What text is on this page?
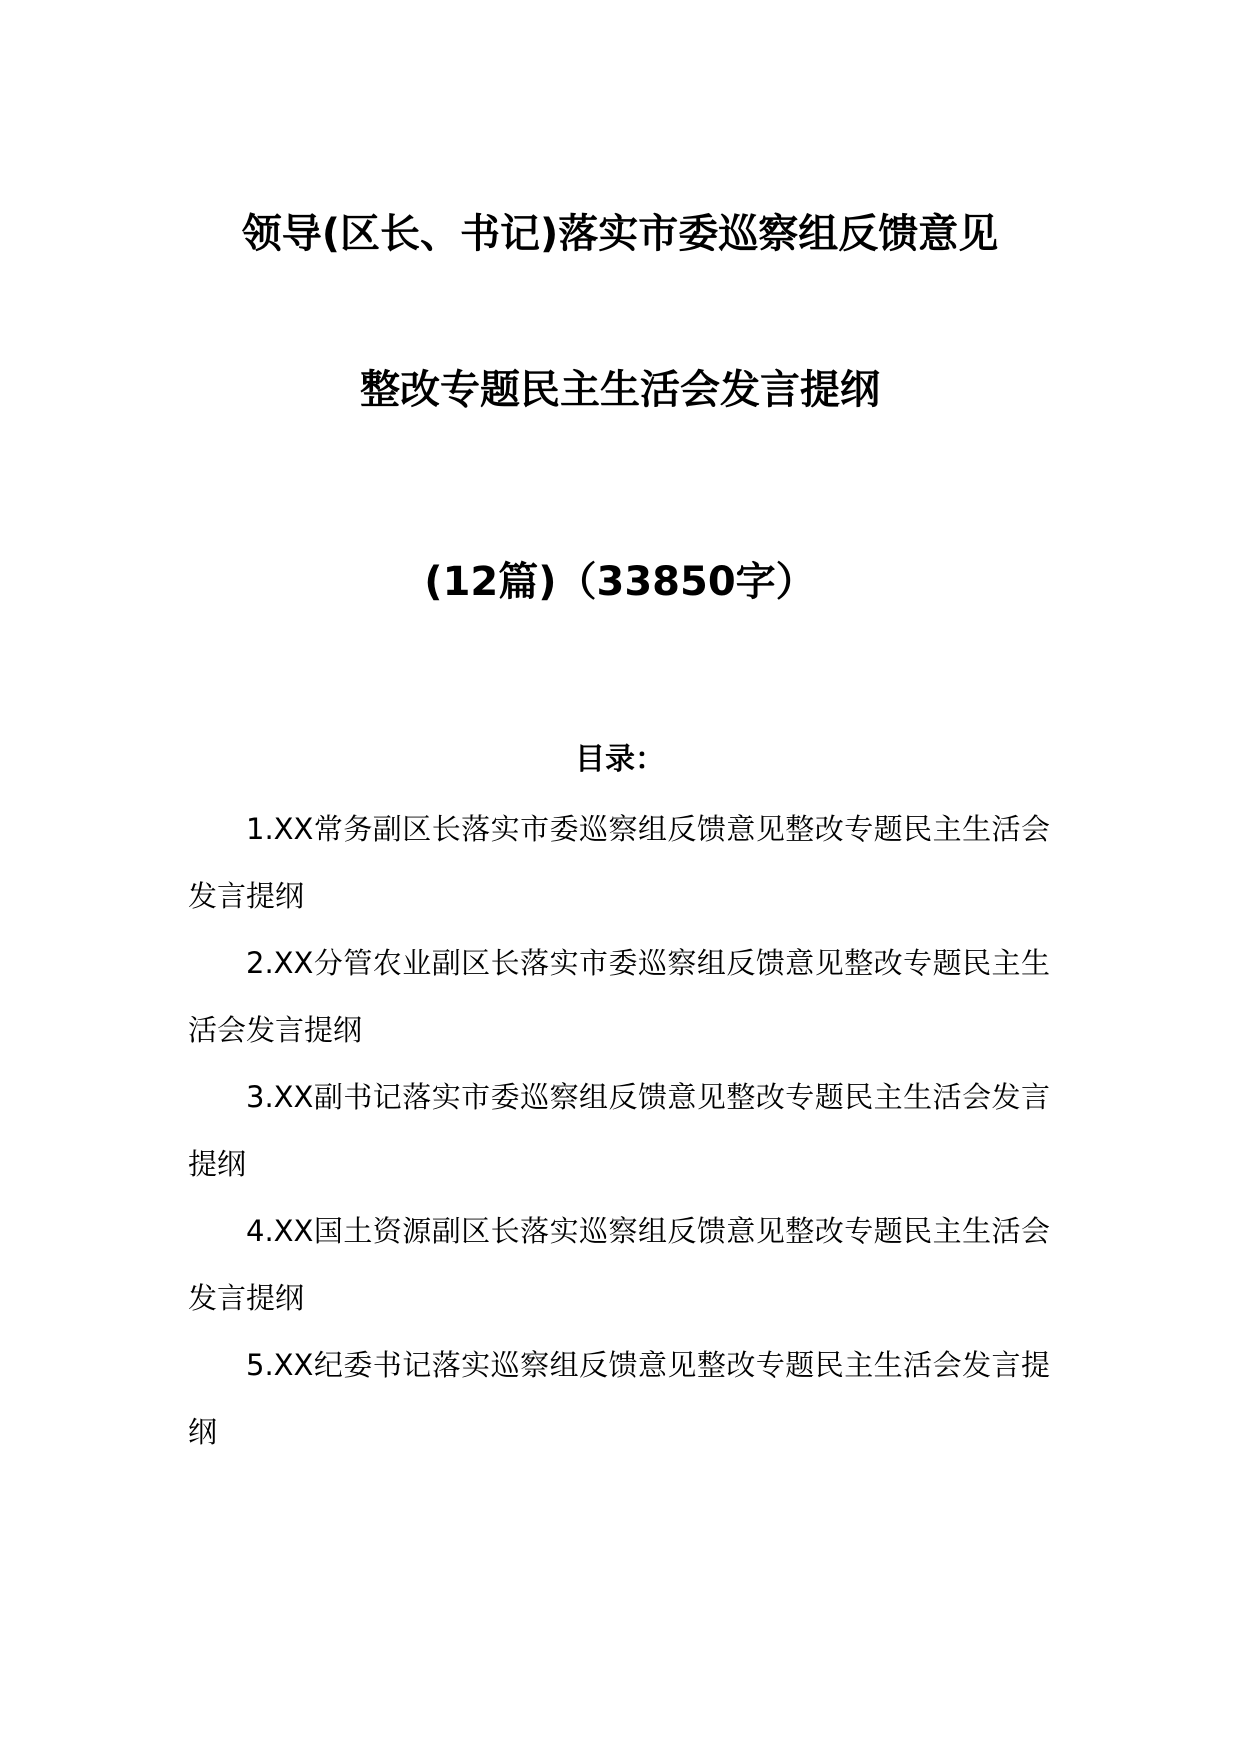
领导(区长、书记)落实市委巡察组反馈意见
整改专题民主生活会发言提纲
(12篇)（33850字）
目录：
1.XX常务副区长落实市委巡察组反馈意见整改专题民主生活会发言提纲
2.XX分管农业副区长落实市委巡察组反馈意见整改专题民主生活会发言提纲
3.XX副书记落实市委巡察组反馈意见整改专题民主生活会发言提纲
4.XX国土资源副区长落实巡察组反馈意见整改专题民主生活会发言提纲
5.XX纪委书记落实巡察组反馈意见整改专题民主生活会发言提纲
